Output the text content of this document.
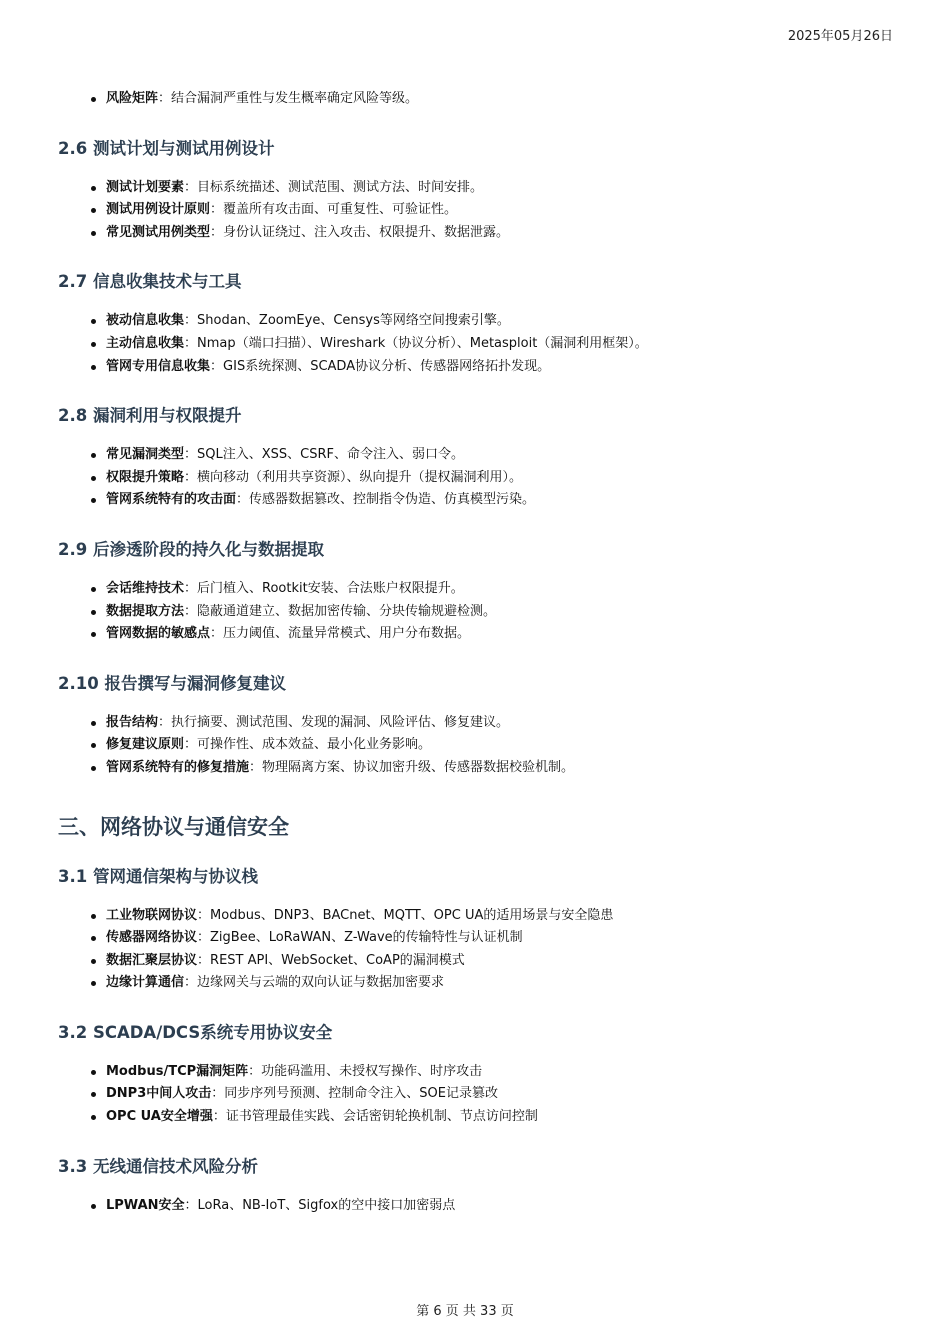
2025年05月26日
风险矩阵：结合漏洞严重性与发生概率确定风险等级。
2.6 测试计划与测试用例设计
测试计划要素：目标系统描述、测试范围、测试方法、时间安排。
测试用例设计原则：覆盖所有攻击面、可重复性、可验证性。
常见测试用例类型：身份认证绕过、注入攻击、权限提升、数据泄露。
2.7 信息收集技术与工具
被动信息收集：Shodan、ZoomEye、Censys等网络空间搜索引擎。
主动信息收集：Nmap（端口扫描）、Wireshark（协议分析）、Metasploit（漏洞利用框架）。
管网专用信息收集：GIS系统探测、SCADA协议分析、传感器网络拓扑发现。
2.8 漏洞利用与权限提升
常见漏洞类型：SQL注入、XSS、CSRF、命令注入、弱口令。
权限提升策略：横向移动（利用共享资源）、纵向提升（提权漏洞利用）。
管网系统特有的攻击面：传感器数据篡改、控制指令伪造、仿真模型污染。
2.9 后渗透阶段的持久化与数据提取
会话维持技术：后门植入、Rootkit安装、合法账户权限提升。
数据提取方法：隐蔽通道建立、数据加密传输、分块传输规避检测。
管网数据的敏感点：压力阈值、流量异常模式、用户分布数据。
2.10 报告撰写与漏洞修复建议
报告结构：执行摘要、测试范围、发现的漏洞、风险评估、修复建议。
修复建议原则：可操作性、成本效益、最小化业务影响。
管网系统特有的修复措施：物理隔离方案、协议加密升级、传感器数据校验机制。
三、网络协议与通信安全
3.1 管网通信架构与协议栈
工业物联网协议：Modbus、DNP3、BACnet、MQTT、OPC UA的适用场景与安全隐患
传感器网络协议：ZigBee、LoRaWAN、Z-Wave的传输特性与认证机制
数据汇聚层协议：REST API、WebSocket、CoAP的漏洞模式
边缘计算通信：边缘网关与云端的双向认证与数据加密要求
3.2 SCADA/DCS系统专用协议安全
Modbus/TCP漏洞矩阵：功能码滥用、未授权写操作、时序攻击
DNP3中间人攻击：同步序列号预测、控制命令注入、SOE记录篡改
OPC UA安全增强：证书管理最佳实践、会话密钥轮换机制、节点访问控制
3.3 无线通信技术风险分析
LPWAN安全：LoRa、NB-IoT、Sigfox的空中接口加密弱点
第 6 页 共 33 页
